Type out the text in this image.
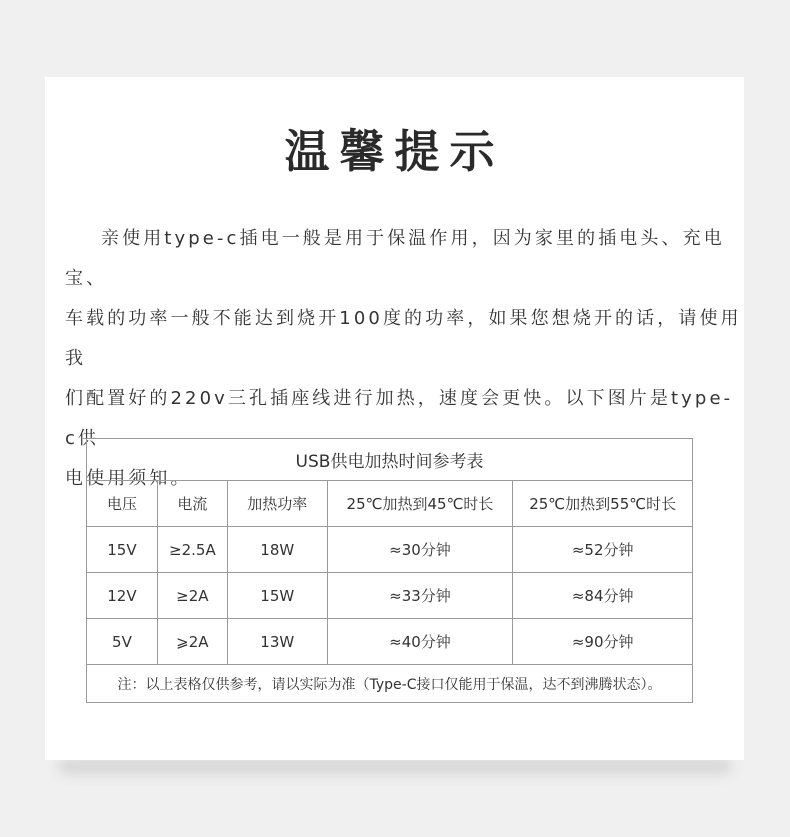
温馨提示

亲使用type-c插电一般是用于保温作用，因为家里的插电头、充电宝、

车载的功率一般不能达到烧开100度的功率，如果您想烧开的话，请使用我

们配置好的220v三孔插座线进行加热，速度会更快。以下图片是type-c供

电使用须知。

USB供电加热时间参考表				
电压	电流	加热功率	25℃加热到45℃时长	25℃加热到55℃时长
15V	≥2.5A	18W	≈30分钟	≈52分钟
12V	≥2A	15W	≈33分钟	≈84分钟
5V	⩾2A	13W	≈40分钟	≈90分钟
注：以上表格仅供参考，请以实际为准（Type-C接口仅能用于保温，达不到沸腾状态）。				
